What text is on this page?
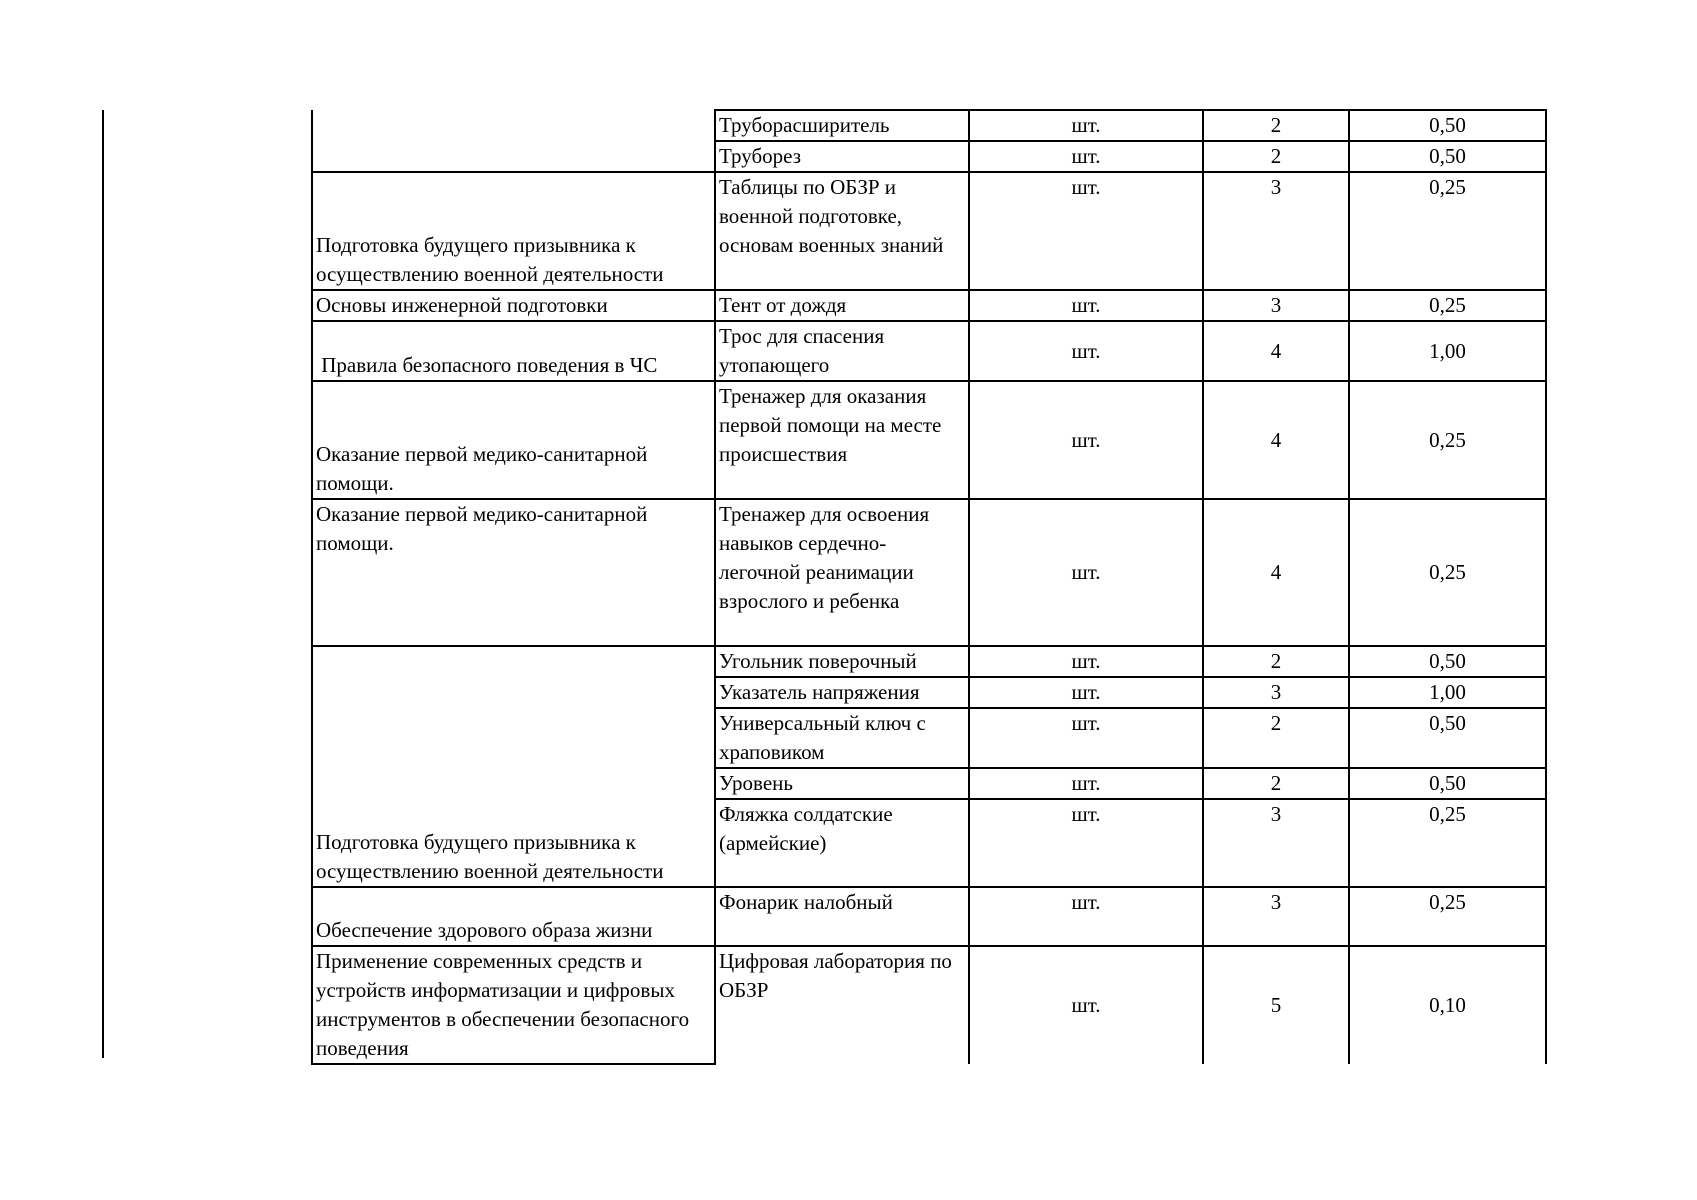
	Труборасширитель	шт.	2	0,50
	Труборез	шт.	2	0,50
Подготовка будущего призывника к осуществлению военной деятельности	Таблицы по ОБЗР и военной подготовке, основам военных знаний	шт.	3	0,25
Основы инженерной подготовки	Тент от дождя	шт.	3	0,25
Правила безопасного поведения в ЧС	Трос для спасения утопающего	шт.	4	1,00
Оказание первой медико-санитарной помощи.	Тренажер для оказания первой помощи на месте происшествия	шт.	4	0,25
Оказание первой медико-санитарной помощи.	Тренажер для освоения навыков сердечно-легочной реанимации взрослого и ребенка	шт.	4	0,25
Подготовка будущего призывника к осуществлению военной деятельности	Угольник поверочный	шт.	2	0,50
	Указатель напряжения	шт.	3	1,00
	Универсальный ключ с храповиком	шт.	2	0,50
	Уровень	шт.	2	0,50
	Фляжка солдатские (армейские)	шт.	3	0,25
Обеспечение здорового образа жизни	Фонарик налобный	шт.	3	0,25
Применение современных средств и устройств информатизации и цифровых инструментов в обеспечении безопасного поведения	Цифровая лаборатория по ОБЗР	шт.	5	0,10
